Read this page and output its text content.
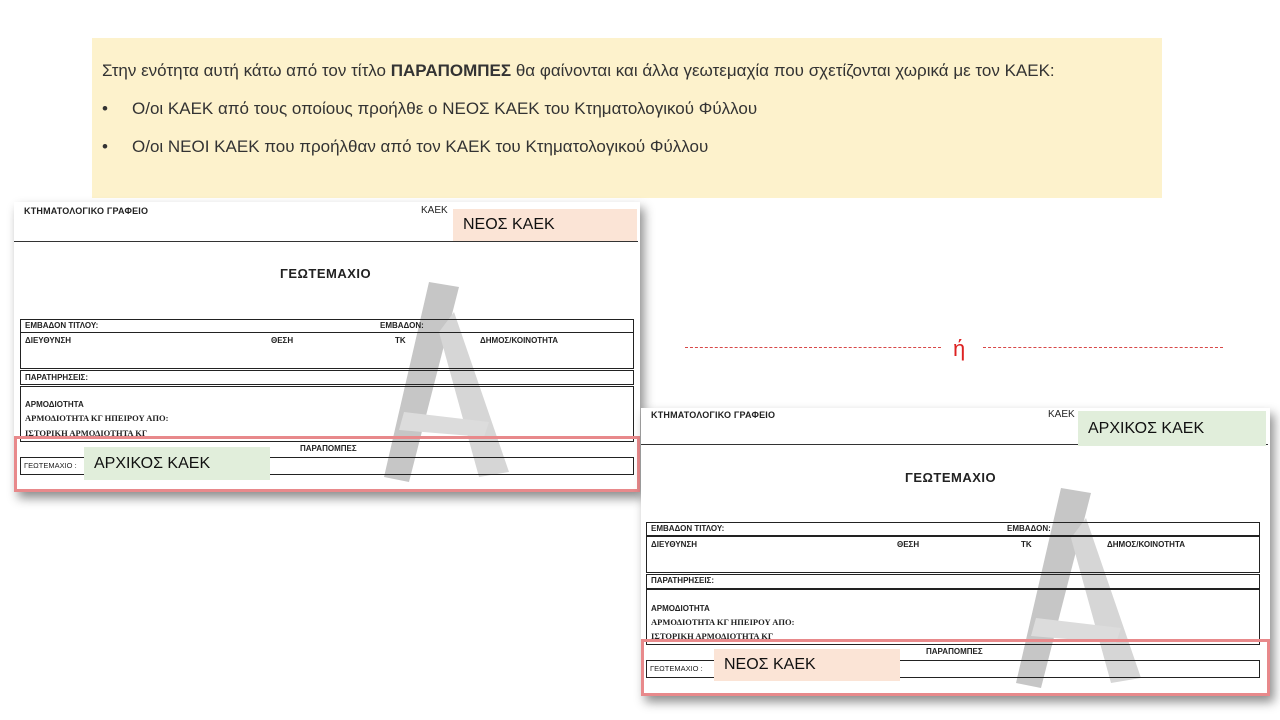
Στην ενότητα αυτή κάτω από τον τίτλο ΠΑΡΑΠΟΜΠΕΣ θα φαίνονται και άλλα γεωτεμαχία που σχετίζονται χωρικά με τον ΚΑΕΚ:

• Ο/οι ΚΑΕΚ από τους οποίους προήλθε ο ΝΕΟΣ ΚΑΕΚ του Κτηματολογικού Φύλλου
• Ο/οι ΝΕΟΙ ΚΑΕΚ που προήλθαν από τον ΚΑΕΚ του Κτηματολογικού Φύλλου
ΚΤΗΜΑΤΟΛΟΓΙΚΟ ΓΡΑΦΕΙΟ	ΚΑΕΚ
ΝΕΟΣ ΚΑΕΚ
ΓΕΩΤΕΜΑΧΙΟ
ΕΜΒΑΔΟΝ ΤΙΤΛΟΥ:	ΕΜΒΑΔΟΝ:
ΔΙΕΥΘΥΝΣΗ	ΘΕΣΗ	ΤΚ	ΔΗΜΟΣ/ΚΟΙΝΟΤΗΤΑ
ΠΑΡΑΤΗΡΗΣΕΙΣ:
ΑΡΜΟΔΙΟΤΗΤΑ
ΑΡΜΟΔΙΟΤΗΤΑ ΚΓ ΗΠΕΙΡΟΥ ΑΠΟ:
ΙΣΤΟΡΙΚΗ ΑΡΜΟΔΙΟΤΗΤΑ ΚΓ
ΠΑΡΑΠΟΜΠΕΣ
ΓΕΩΤΕΜΑΧΙΟ :	ΑΡΧΙΚΟΣ ΚΑΕΚ
ή
ΚΤΗΜΑΤΟΛΟΓΙΚΟ ΓΡΑΦΕΙΟ	ΚΑΕΚ
ΑΡΧΙΚΟΣ ΚΑΕΚ
ΓΕΩΤΕΜΑΧΙΟ
ΕΜΒΑΔΟΝ ΤΙΤΛΟΥ:	ΕΜΒΑΔΟΝ:
ΔΙΕΥΘΥΝΣΗ	ΘΕΣΗ	ΤΚ	ΔΗΜΟΣ/ΚΟΙΝΟΤΗΤΑ
ΠΑΡΑΤΗΡΗΣΕΙΣ:
ΑΡΜΟΔΙΟΤΗΤΑ
ΑΡΜΟΔΙΟΤΗΤΑ ΚΓ ΗΠΕΙΡΟΥ ΑΠΟ:
ΙΣΤΟΡΙΚΗ ΑΡΜΟΔΙΟΤΗΤΑ ΚΓ
ΠΑΡΑΠΟΜΠΕΣ
ΓΕΩΤΕΜΑΧΙΟ :	ΝΕΟΣ ΚΑΕΚ
